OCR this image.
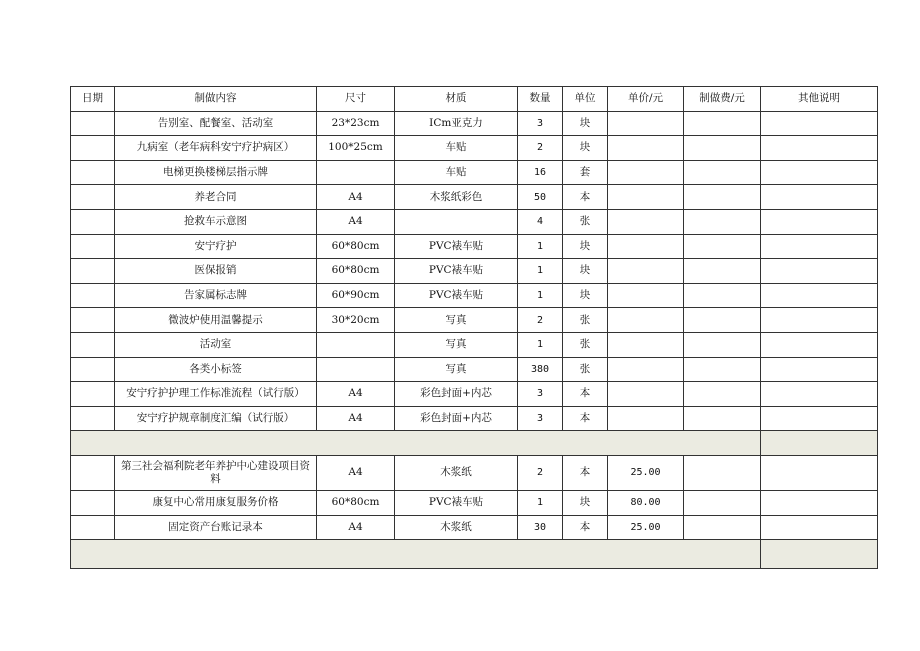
日期	制做内容	尺寸	材质	数量	单位	单价/元	制做费/元	其他说明
	告别室、配餐室、活动室	23*23cm	ICm亚克力	3	块			
	九病室（老年病科安宁疗护病区）	100*25cm	车贴	2	块			
	电梯更换楼梯层指示牌		车贴	16	套			
	养老合同	A4	木浆纸彩色	50	本			
	抢救车示意图	A4		4	张			
	安宁疗护	60*80cm	PVC裱车贴	1	块			
	医保报销	60*80cm	PVC裱车贴	1	块			
	告家属标志牌	60*90cm	PVC裱车贴	1	块			
	微波炉使用温馨提示	30*20cm	写真	2	张			
	活动室		写真	1	张			
	各类小标签		写真	380	张			
	安宁疗护护理工作标准流程（试行版）	A4	彩色封面+内芯	3	本			
	安宁疗护规章制度汇编（试行版）	A4	彩色封面+内芯	3	本			

	第三社会福利院老年养护中心建设项目资料	A4	木浆纸	2	本	25.00		
	康复中心常用康复服务价格	60*80cm	PVC裱车贴	1	块	80.00		
	固定资产台账记录本	A4	木浆纸	30	本	25.00		
